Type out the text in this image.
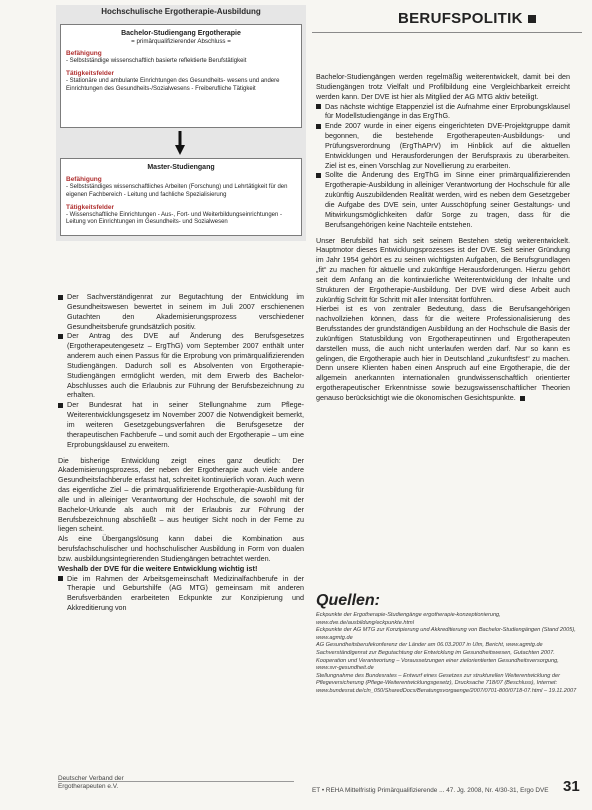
BERUFSPOLITIK
Hochschulische Ergotherapie-Ausbildung
Bachelor-Studiengang Ergotherapie
= primärqualifizierender Abschluss =
Befähigung
- Selbstständige wissenschaftlich basierte reflektierte Berufstätigkeit
Tätigkeitsfelder
- Stationäre und ambulante Einrichtungen des Gesundheits- wesens und andere Einrichtungen des Gesundheits-/Sozialwesens - Freiberufliche Tätigkeit
Master-Studiengang
Befähigung
- Selbstständiges wissenschaftliches Arbeiten (Forschung) und Lehrtätigkeit für den eigenen Fachbereich - Leitung und fachliche Spezialisierung
Tätigkeitsfelder
- Wissenschaftliche Einrichtungen - Aus-, Fort- und Weiterbildungseinrichtungen - Leitung von Einrichtungen im Gesundheits- und Sozialwesen

Der Sachverständigenrat zur Begutachtung der Entwicklung im Gesundheitswesen bewertet in seinem im Juli 2007 erschienenen Gutachten den Akademisierungsprozess verschiedener Gesundheitsberufe grundsätzlich positiv.

Der Antrag des DVE auf Änderung des Berufsgesetzes (Ergotherapeutengesetz – ErgThG) vom September 2007 enthält unter anderem auch einen Passus für die Erprobung von primärqualifizierenden Studiengängen. Dadurch soll es Absolventen von Ergotherapie-Studiengängen ermöglicht werden, mit dem Erwerb des Bachelor-Abschlusses auch die Erlaubnis zur Führung der Berufsbezeichnung zu erhalten.

Der Bundesrat hat in seiner Stellungnahme zum Pflege-Weiterentwicklungsgesetz im November 2007 die Notwendigkeit bemerkt, im weiteren Gesetzgebungsverfahren die Berufsgesetze der therapeutischen Fachberufe – und somit auch der Ergotherapie – um eine Erprobungsklausel zu erweitern.

Die bisherige Entwicklung zeigt eines ganz deutlich: Der Akademisierungsprozess, der neben der Ergotherapie auch viele andere Gesundheitsfachberufe erfasst hat, schreitet kontinuierlich voran. Auch wenn das eigentliche Ziel – die primärqualifizierende Ergotherapie-Ausbildung für alle und in alleiniger Verantwortung der Hochschule, die sowohl mit der Bachelor-Urkunde als auch mit der Erlaubnis zur Führung der Berufsbezeichnung abschließt – aus heutiger Sicht noch in der Ferne zu liegen scheint.

Als eine Übergangslösung kann dabei die Kombination aus berufsfachschulischer und hochschulischer Ausbildung in Form von dualen bzw. ausbildungsintegrierenden Studiengängen betrachtet werden.

Weshalb der DVE für die weitere Entwicklung wichtig ist!

Die im Rahmen der Arbeitsgemeinschaft Medizinalfachberufe in der Therapie und Geburtshilfe (AG MTG) gemeinsam mit anderen Berufsverbänden erarbeiteten Eckpunkte zur Konzipierung und Akkreditierung von

Bachelor-Studiengängen werden regelmäßig weiterentwickelt, damit bei den Studiengängen trotz Vielfalt und Profilbildung eine Vergleichbarkeit erreicht werden kann. Der DVE ist hier als Mitglied der AG MTG aktiv beteiligt.

Das nächste wichtige Etappenziel ist die Aufnahme einer Erprobungsklausel für Modellstudiengänge in das ErgThG.

Ende 2007 wurde in einer eigens eingerichteten DVE-Projektgruppe damit begonnen, die bestehende Ergotherapeuten-Ausbildungs- und Prüfungsverordnung (ErgThAPrV) im Hinblick auf die aktuellen Entwicklungen und Herausforderungen der Berufspraxis zu überarbeiten. Ziel ist es, einen Vorschlag zur Novellierung zu erarbeiten.

Sollte die Änderung des ErgThG im Sinne einer primärqualifizierenden Ergotherapie-Ausbildung in alleiniger Verantwortung der Hochschule für alle zukünftig Auszubildenden Realität werden, wird es neben dem Gesetzgeber die Aufgabe des DVE sein, unter Ausschöpfung seiner Gestaltungs- und Mitwirkungsmöglichkeiten dafür Sorge zu tragen, dass für die Berufsangehörigen keine Nachteile entstehen.

Unser Berufsbild hat sich seit seinem Bestehen stetig weiterentwickelt. Hauptmotor dieses Entwicklungsprozesses ist der DVE. Seit seiner Gründung im Jahr 1954 gehört es zu seinen wichtigsten Aufgaben, die Berufsgrundlagen „fit“ zu machen für aktuelle und zukünftige Herausforderungen. Hierzu gehört seit dem Anfang an die kontinuierliche Weiterentwicklung der Inhalte und Strukturen der Ergotherapie-Ausbildung. Der DVE wird diese Arbeit auch zukünftig Schritt für Schritt mit aller Intensität fortführen.

Hierbei ist es von zentraler Bedeutung, dass die Berufsangehörigen nachvollziehen können, dass für die weitere Professionalisierung des Berufsstandes der grundständigen Ausbildung an der Hochschule die Basis der zukünftigen Statusbildung von Ergotherapeutinnen und Ergotherapeuten darstellen muss, die auch nicht unterlaufen werden darf. Nur so kann es gelingen, die Ergotherapie auch hier in Deutschland „zukunftsfest“ zu machen. Denn unsere Klienten haben einen Anspruch auf eine Ergotherapie, die der allgemein anerkannten internationalen grundwissenschaftlich orientierter ergotherapeutischer Erkenntnisse sowie bezugswissenschaftlicher Theorien genauso berücksichtigt wie die ökonomischen Gesichtspunkte.

Quellen:

Eckpunkte der Ergotherapie-Studiengänge ergotherapie-konzeptionierung, www.dve.de/ausbildung/eckpunkte.html

Eckpunkte der AG MTG zur Konzipierung und Akkreditierung von Bachelor-Studiengängen (Stand 2005), www.agmtg.de

AG Gesundheitsberufekonferenz der Länder am 06.03.2007 in Ulm, Bericht, www.agmtg.de

Sachverständigenrat zur Begutachtung der Entwicklung im Gesundheitswesen, Gutachten 2007. Kooperation und Verantwortung – Voraussetzungen einer zielorientierten Gesundheitsversorgung, www.svr-gesundheit.de

Stellungnahme des Bundesrates – Entwurf eines Gesetzes zur strukturellen Weiterentwicklung der Pflegeversicherung (Pflege-Weiterentwicklungsgesetz), Drucksache 718/07 (Beschluss), Internet: www.bundesrat.de/cln_050/SharedDocs/Beratungsvorgaenge/2007/0701-800/0718-07.html – 19.11.2007

Deutscher Verband der
Ergotherapeuten e.V.
ET • REHA Mittelfristig Primärqualifizierende ... 47. Jg. 2008, Nr. 4/30-31, Ergo DVE 31
